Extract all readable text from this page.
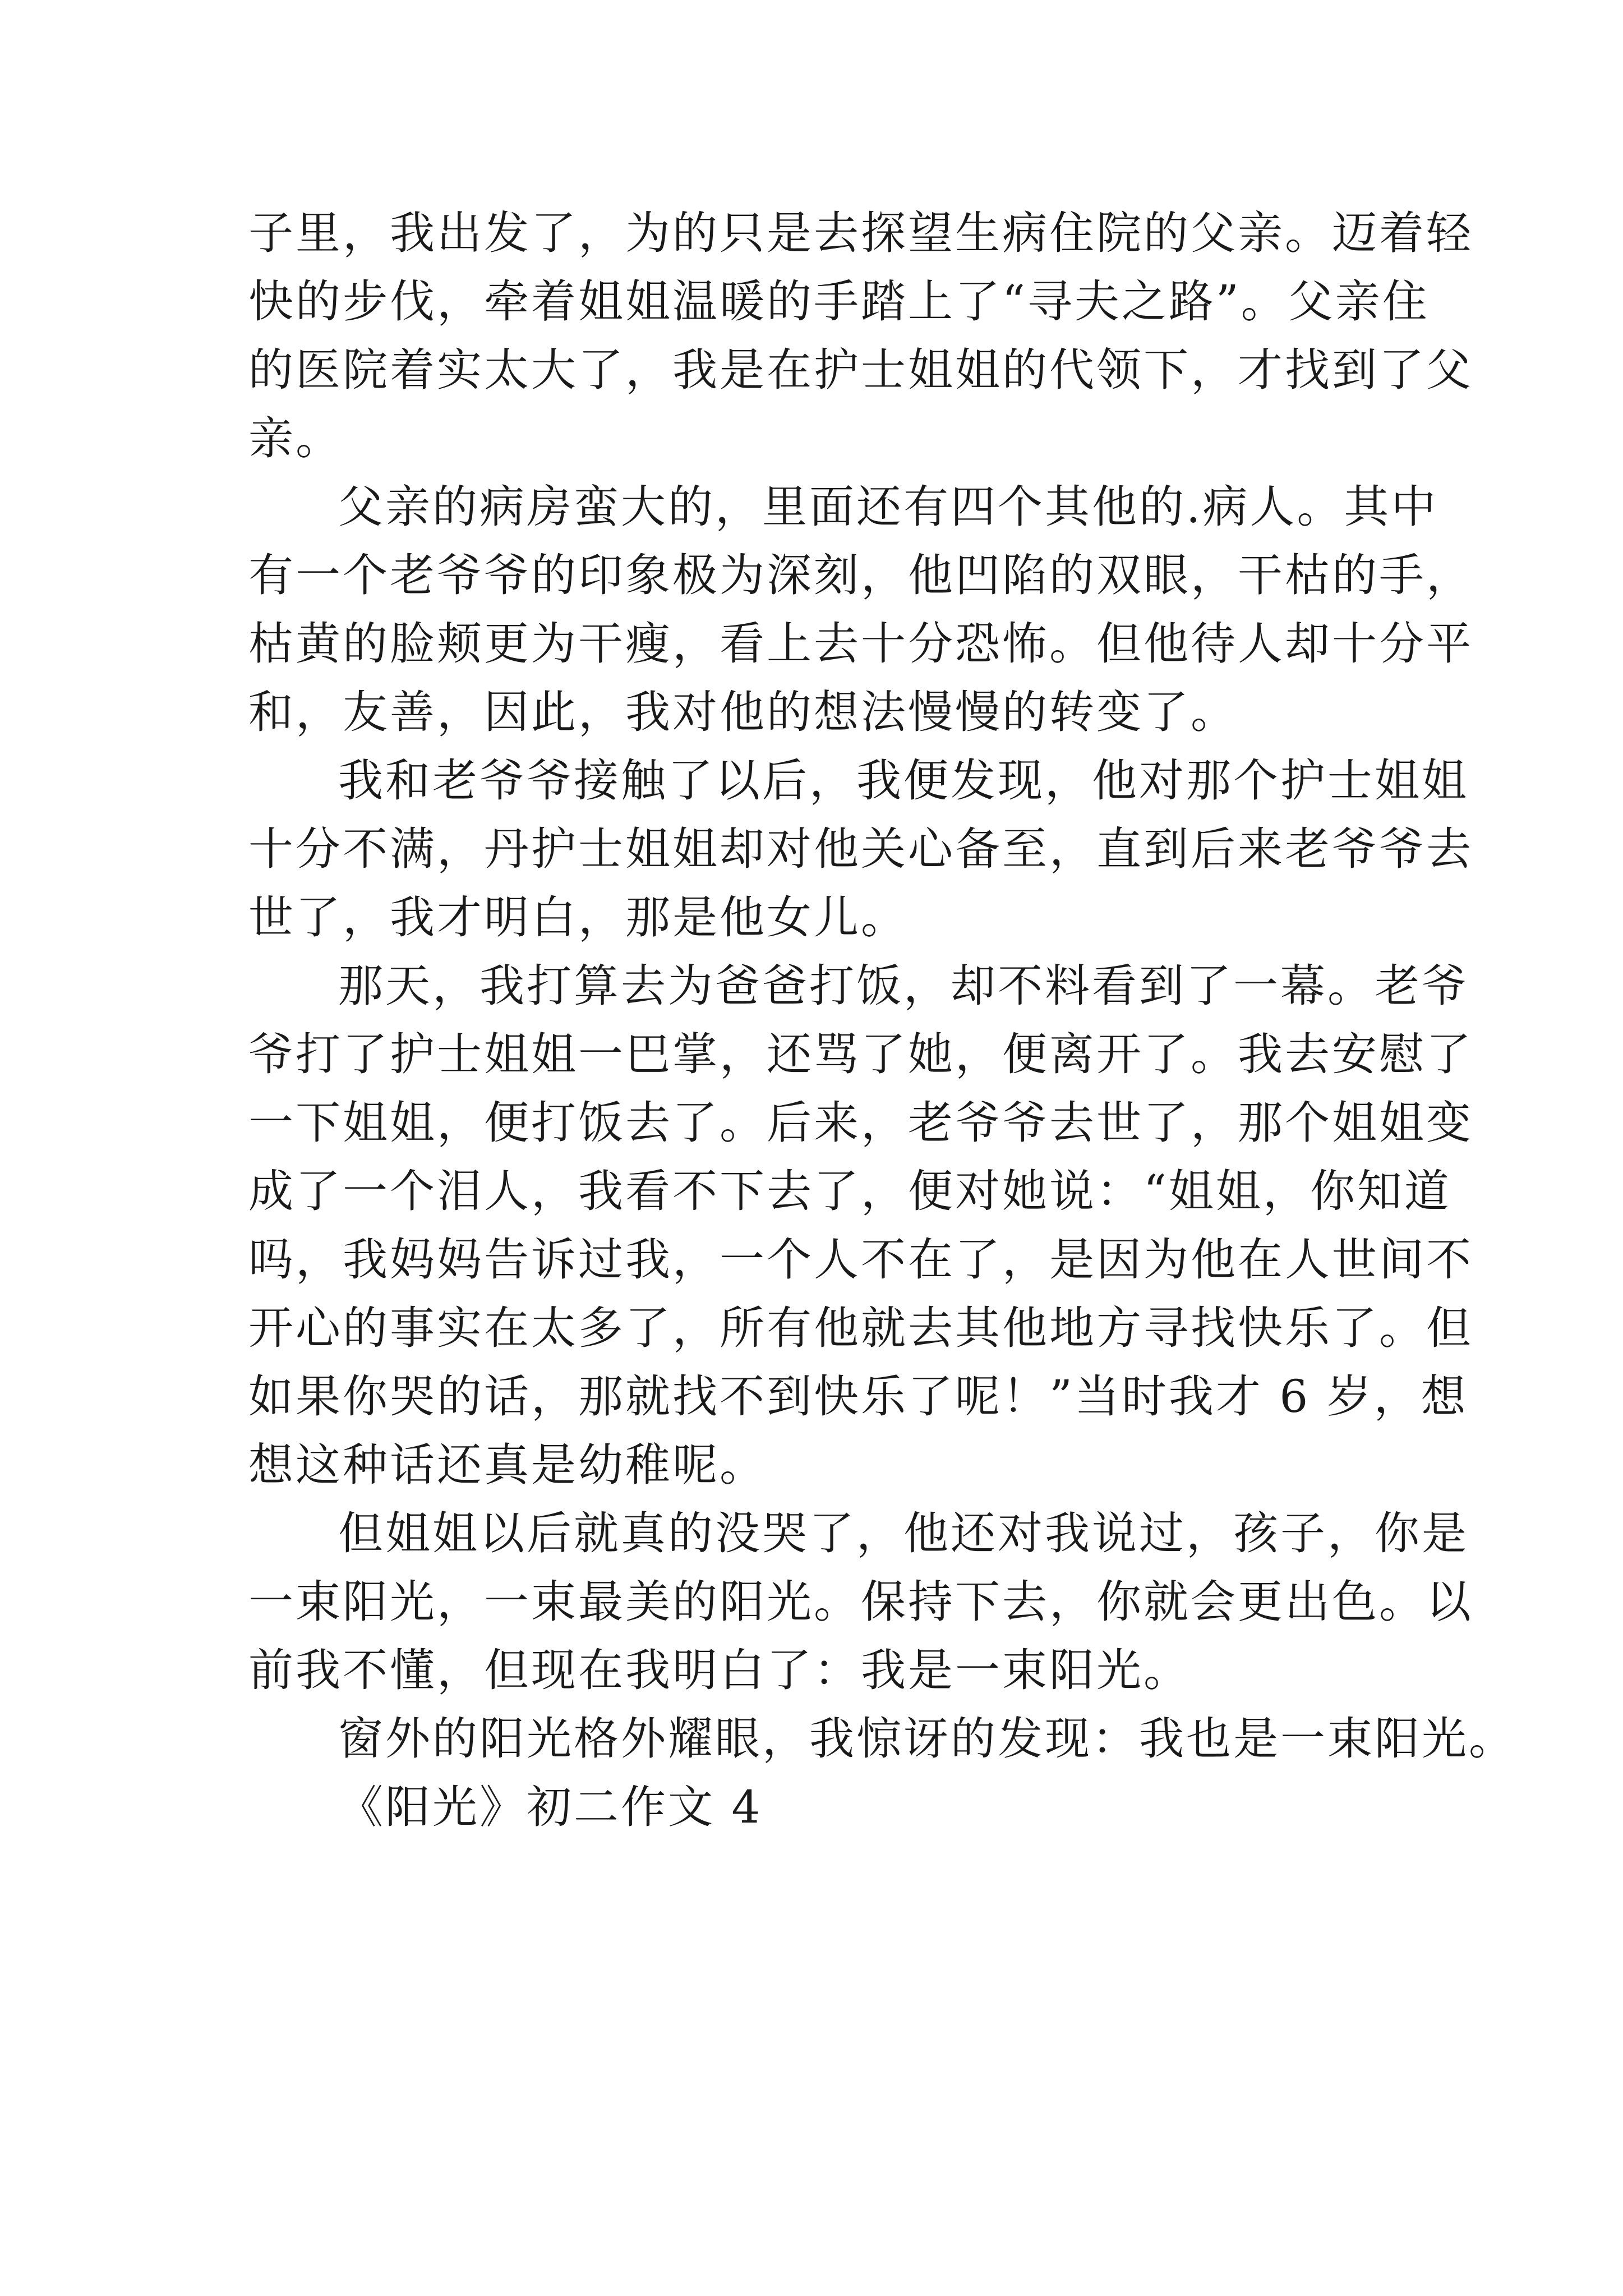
子里，我出发了，为的只是去探望生病住院的父亲。迈着轻
快的步伐，牵着姐姐温暖的手踏上了“寻夫之路”。父亲住
的医院着实太大了，我是在护士姐姐的代领下，才找到了父
亲。
父亲的病房蛮大的，里面还有四个其他的.病人。其中
有一个老爷爷的印象极为深刻，他凹陷的双眼，干枯的手，
枯黄的脸颊更为干瘦，看上去十分恐怖。但他待人却十分平
和，友善，因此，我对他的想法慢慢的转变了。
我和老爷爷接触了以后，我便发现，他对那个护士姐姐
十分不满，丹护士姐姐却对他关心备至，直到后来老爷爷去
世了，我才明白，那是他女儿。
那天，我打算去为爸爸打饭，却不料看到了一幕。老爷
爷打了护士姐姐一巴掌，还骂了她，便离开了。我去安慰了
一下姐姐，便打饭去了。后来，老爷爷去世了，那个姐姐变
成了一个泪人，我看不下去了，便对她说：“姐姐，你知道
吗，我妈妈告诉过我，一个人不在了，是因为他在人世间不
开心的事实在太多了，所有他就去其他地方寻找快乐了。但
如果你哭的话，那就找不到快乐了呢！”当时我才 6 岁，想
想这种话还真是幼稚呢。
但姐姐以后就真的没哭了，他还对我说过，孩子，你是
一束阳光，一束最美的阳光。保持下去，你就会更出色。以
前我不懂，但现在我明白了：我是一束阳光。
窗外的阳光格外耀眼，我惊讶的发现：我也是一束阳光。
《阳光》初二作文 4
